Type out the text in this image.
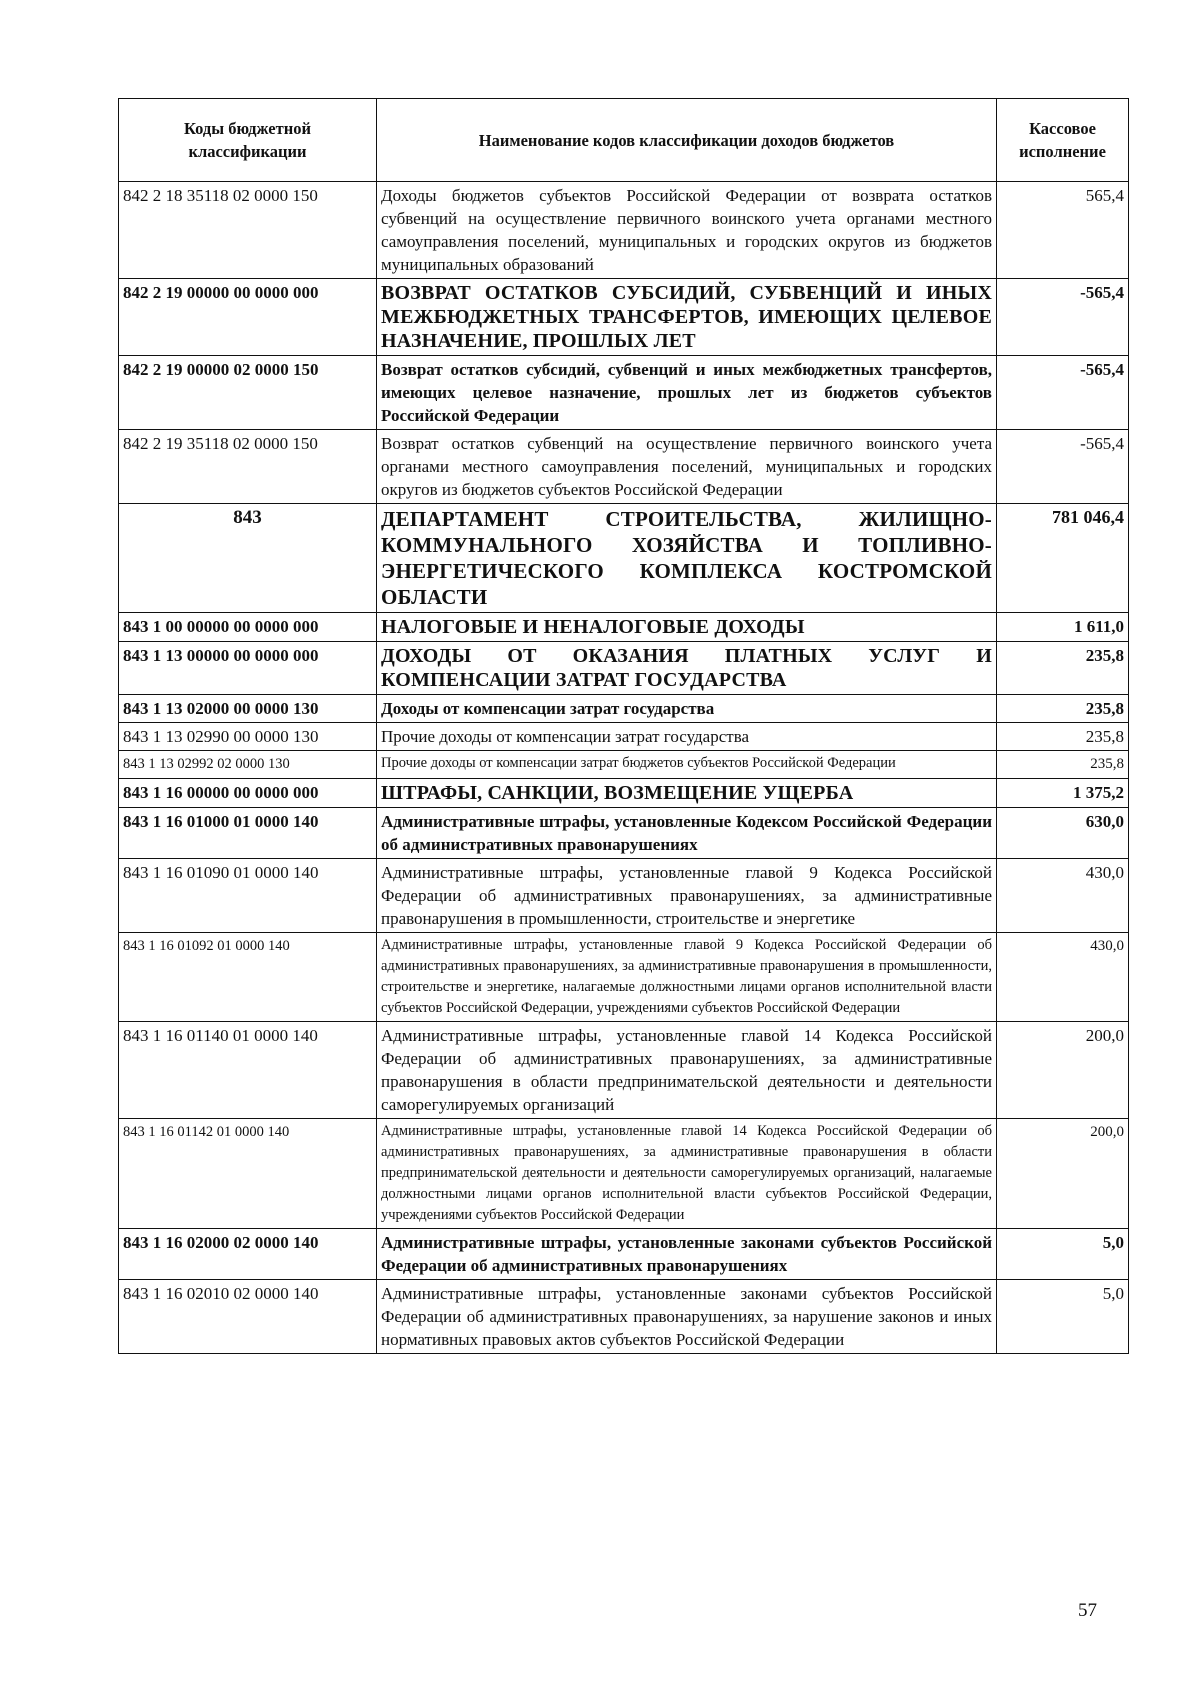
Коды бюджетной классификации	Наименование кодов классификации доходов бюджетов	Кассовое исполнение
842 2 18 35118 02 0000 150	Доходы бюджетов субъектов Российской Федерации от возврата остатков субвенций на осуществление первичного воинского учета органами местного самоуправления поселений, муниципальных и городских округов из бюджетов муниципальных образований	565,4
842 2 19 00000 00 0000 000	ВОЗВРАТ ОСТАТКОВ СУБСИДИЙ, СУБВЕНЦИЙ И ИНЫХ МЕЖБЮДЖЕТНЫХ ТРАНСФЕРТОВ, ИМЕЮЩИХ ЦЕЛЕВОЕ НАЗНАЧЕНИЕ, ПРОШЛЫХ ЛЕТ	-565,4
842 2 19 00000 02 0000 150	Возврат остатков субсидий, субвенций и иных межбюджетных трансфертов, имеющих целевое назначение, прошлых лет из бюджетов субъектов Российской Федерации	-565,4
842 2 19 35118 02 0000 150	Возврат остатков субвенций на осуществление первичного воинского учета органами местного самоуправления поселений, муниципальных и городских округов из бюджетов субъектов Российской Федерации	-565,4
843	ДЕПАРТАМЕНТ СТРОИТЕЛЬСТВА, ЖИЛИЩНО-КОММУНАЛЬНОГО ХОЗЯЙСТВА И ТОПЛИВНО-ЭНЕРГЕТИЧЕСКОГО КОМПЛЕКСА КОСТРОМСКОЙ ОБЛАСТИ	781 046,4
843 1 00 00000 00 0000 000	НАЛОГОВЫЕ И НЕНАЛОГОВЫЕ ДОХОДЫ	1 611,0
843 1 13 00000 00 0000 000	ДОХОДЫ ОТ ОКАЗАНИЯ ПЛАТНЫХ УСЛУГ И КОМПЕНСАЦИИ ЗАТРАТ ГОСУДАРСТВА	235,8
843 1 13 02000 00 0000 130	Доходы от компенсации затрат государства	235,8
843 1 13 02990 00 0000 130	Прочие доходы от компенсации затрат государства	235,8
843 1 13 02992 02 0000 130	Прочие доходы от компенсации затрат бюджетов субъектов Российской Федерации	235,8
843 1 16 00000 00 0000 000	ШТРАФЫ, САНКЦИИ, ВОЗМЕЩЕНИЕ УЩЕРБА	1 375,2
843 1 16 01000 01 0000 140	Административные штрафы, установленные Кодексом Российской Федерации об административных правонарушениях	630,0
843 1 16 01090 01 0000 140	Административные штрафы, установленные главой 9 Кодекса Российской Федерации об административных правонарушениях, за административные правонарушения в промышленности, строительстве и энергетике	430,0
843 1 16 01092 01 0000 140	Административные штрафы, установленные главой 9 Кодекса Российской Федерации об административных правонарушениях, за административные правонарушения в промышленности, строительстве и энергетике, налагаемые должностными лицами органов исполнительной власти субъектов Российской Федерации, учреждениями субъектов Российской Федерации	430,0
843 1 16 01140 01 0000 140	Административные штрафы, установленные главой 14 Кодекса Российской Федерации об административных правонарушениях, за административные правонарушения в области предпринимательской деятельности и деятельности саморегулируемых организаций	200,0
843 1 16 01142 01 0000 140	Административные штрафы, установленные главой 14 Кодекса Российской Федерации об административных правонарушениях, за административные правонарушения в области предпринимательской деятельности и деятельности саморегулируемых организаций, налагаемые должностными лицами органов исполнительной власти субъектов Российской Федерации, учреждениями субъектов Российской Федерации	200,0
843 1 16 02000 02 0000 140	Административные штрафы, установленные законами субъектов Российской Федерации об административных правонарушениях	5,0
843 1 16 02010 02 0000 140	Административные штрафы, установленные законами субъектов Российской Федерации об административных правонарушениях, за нарушение законов и иных нормативных правовых актов субъектов Российской Федерации	5,0
57
